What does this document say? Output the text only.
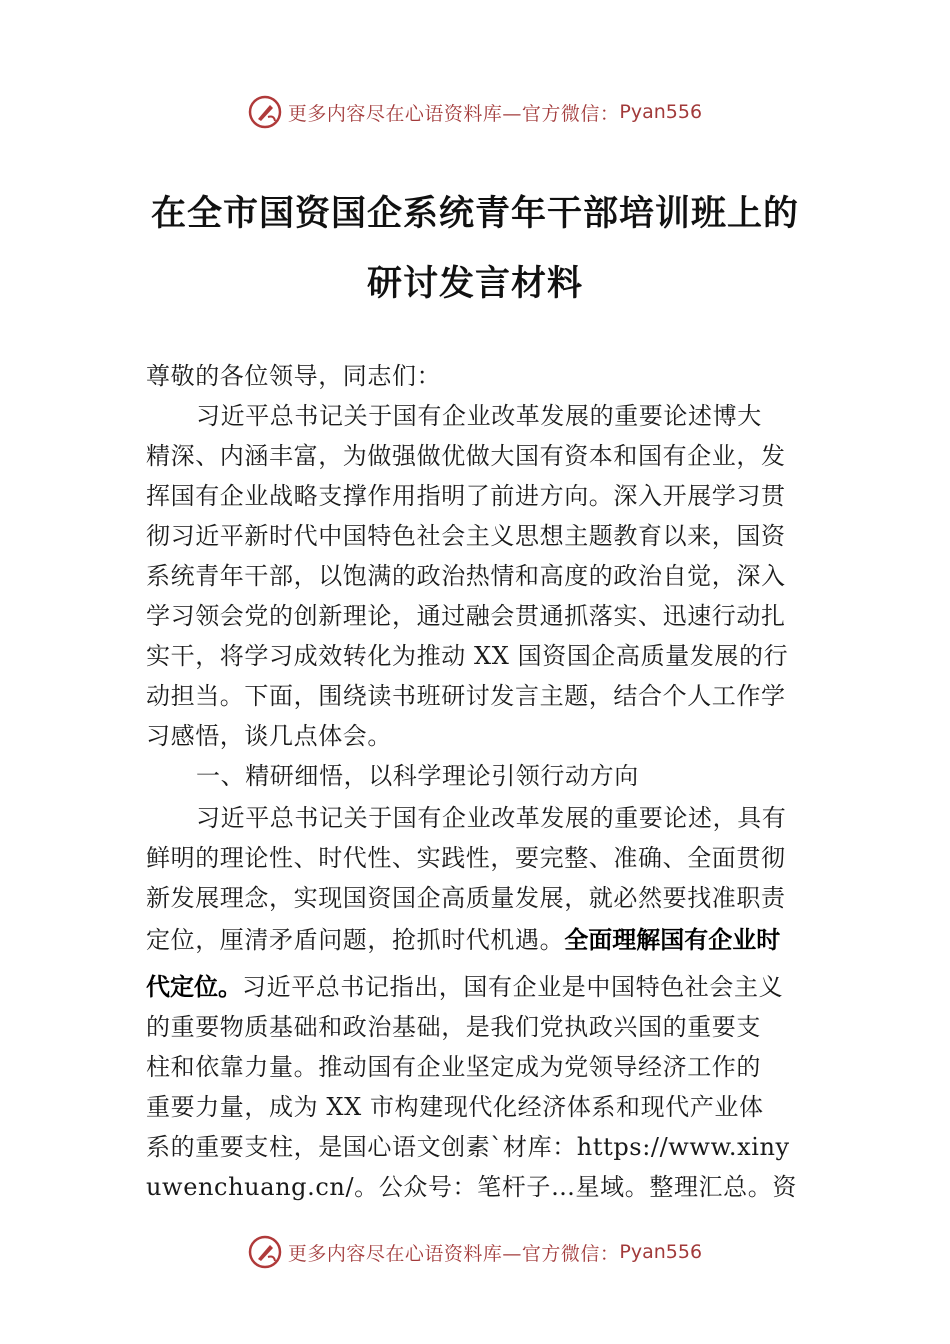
更多内容尽在心语资料库—官方微信： Pyan556
在全市国资国企系统青年干部培训班上的
研讨发言材料
尊敬的各位领导，同志们：
习近平总书记关于国有企业改革发展的重要论述博大
精深、内涵丰富，为做强做优做大国有资本和国有企业，发
挥国有企业战略支撑作用指明了前进方向。深入开展学习贯
彻习近平新时代中国特色社会主义思想主题教育以来，国资
系统青年干部，以饱满的政治热情和高度的政治自觉，深入
学习领会党的创新理论，通过融会贯通抓落实、迅速行动扎
实干，将学习成效转化为推动 XX 国资国企高质量发展的行
动担当。下面，围绕读书班研讨发言主题，结合个人工作学
习感悟，谈几点体会。
一、精研细悟，以科学理论引领行动方向
习近平总书记关于国有企业改革发展的重要论述，具有
鲜明的理论性、时代性、实践性，要完整、准确、全面贯彻
新发展理念，实现国资国企高质量发展，就必然要找准职责
定位，厘清矛盾问题，抢抓时代机遇。全面理解国有企业时
代定位。习近平总书记指出，国有企业是中国特色社会主义
的重要物质基础和政治基础，是我们党执政兴国的重要支
柱和依靠力量。推动国有企业坚定成为党领导经济工作的
重要力量，成为 XX 市构建现代化经济体系和现代产业体
系的重要支柱，是国心语文创素`材库：https://www.xiny
uwenchuang.cn/。公众号：笔杆子…星域。整理汇总。资
更多内容尽在心语资料库—官方微信： Pyan556
